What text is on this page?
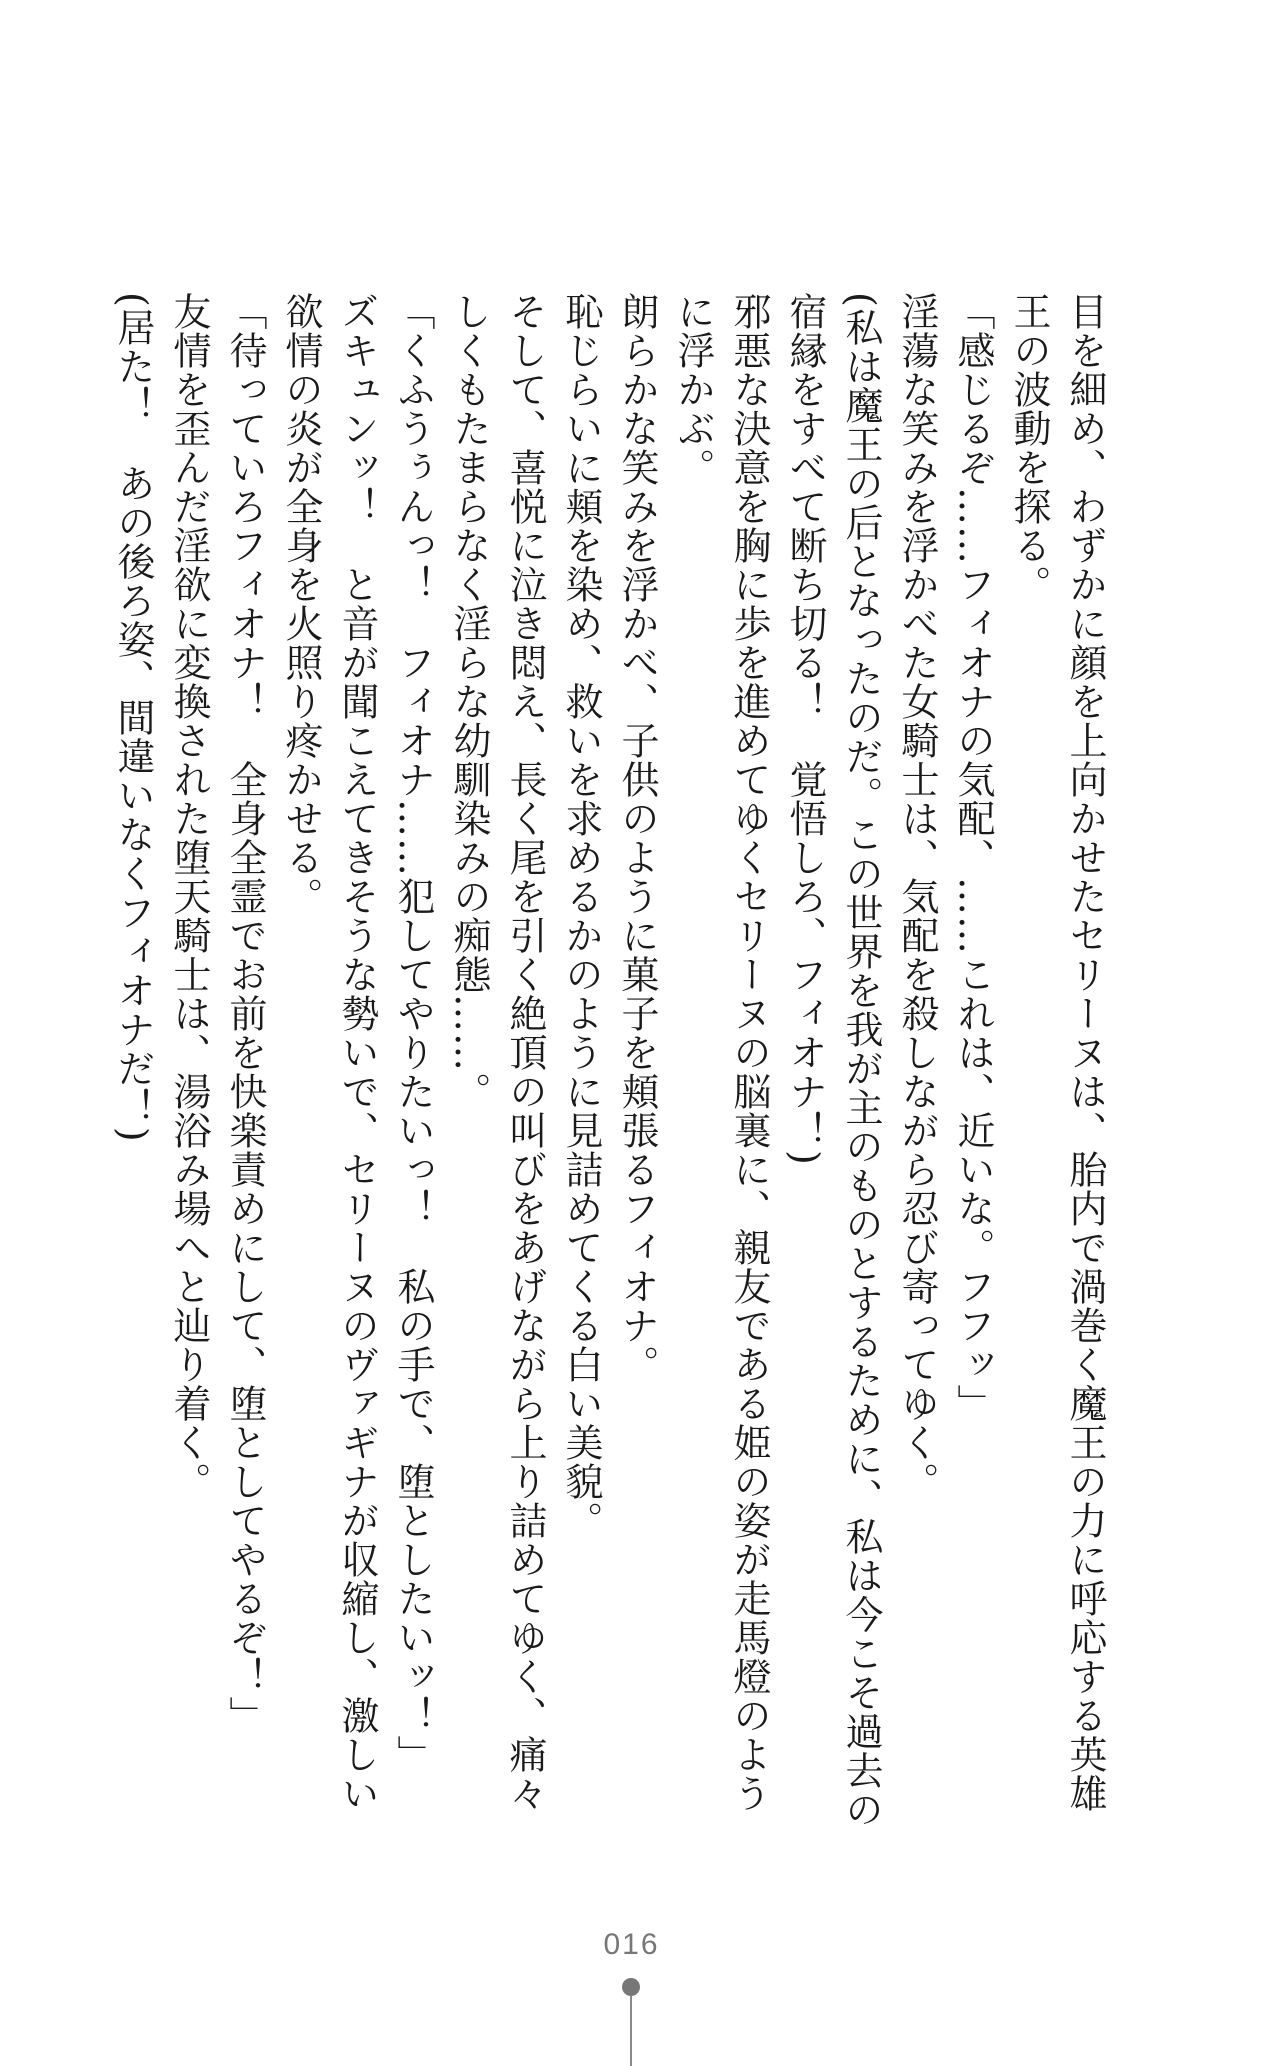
目を細め、わずかに顔を上向かせたセリーヌは、胎内で渦巻く魔王の力に呼応する英雄
王の波動を探る。
「感じるぞ……フィオナの気配、……これは、近いな。フフッ」
淫蕩な笑みを浮かべた女騎士は、気配を殺しながら忍び寄ってゆく。
(私は魔王の后となったのだ。この世界を我が主のものとするために、私は今こそ過去の
宿縁をすべて断ち切る！　覚悟しろ、フィオナ！)
邪悪な決意を胸に歩を進めてゆくセリーヌの脳裏に、親友である姫の姿が走馬燈のよう
に浮かぶ。
朗らかな笑みを浮かべ、子供のように菓子を頬張るフィオナ。
恥じらいに頬を染め、救いを求めるかのように見詰めてくる白い美貌。
そして、喜悦に泣き悶え、長く尾を引く絶頂の叫びをあげながら上り詰めてゆく、痛々
しくもたまらなく淫らな幼馴染みの痴態……。
「くふうぅんっ！　フィオナ……犯してやりたいっ！　私の手で、堕としたいッ！」
ズキュンッ！　と音が聞こえてきそうな勢いで、セリーヌのヴァギナが収縮し、激しい
欲情の炎が全身を火照り疼かせる。
「待っていろフィオナ！　全身全霊でお前を快楽責めにして、堕としてやるぞ！」
友情を歪んだ淫欲に変換された堕天騎士は、湯浴み場へと辿り着く。
(居た！　あの後ろ姿、間違いなくフィオナだ！)
016
